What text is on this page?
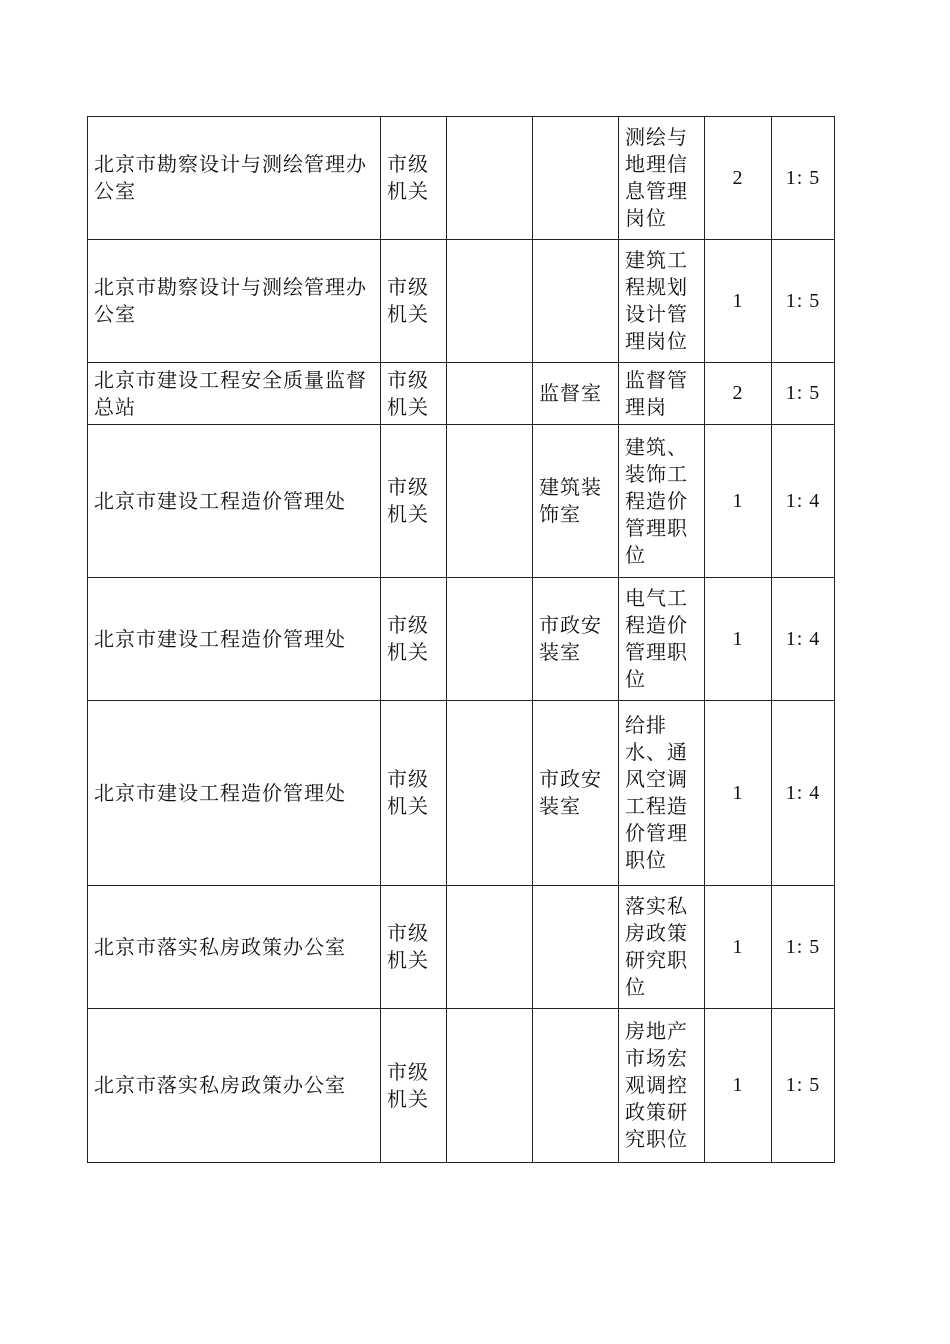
北京市勘察设计与测绘管理办公室	市级机关			测绘与地理信息管理岗位	2	1: 5
北京市勘察设计与测绘管理办公室	市级机关			建筑工程规划设计管理岗位	1	1: 5
北京市建设工程安全质量监督总站	市级机关		监督室	监督管理岗	2	1: 5
北京市建设工程造价管理处	市级机关		建筑装饰室	建筑、装饰工程造价管理职位	1	1: 4
北京市建设工程造价管理处	市级机关		市政安装室	电气工程造价管理职位	1	1: 4
北京市建设工程造价管理处	市级机关		市政安装室	给排水、通风空调工程造价管理职位	1	1: 4
北京市落实私房政策办公室	市级机关			落实私房政策研究职位	1	1: 5
北京市落实私房政策办公室	市级机关			房地产市场宏观调控政策研究职位	1	1: 5
